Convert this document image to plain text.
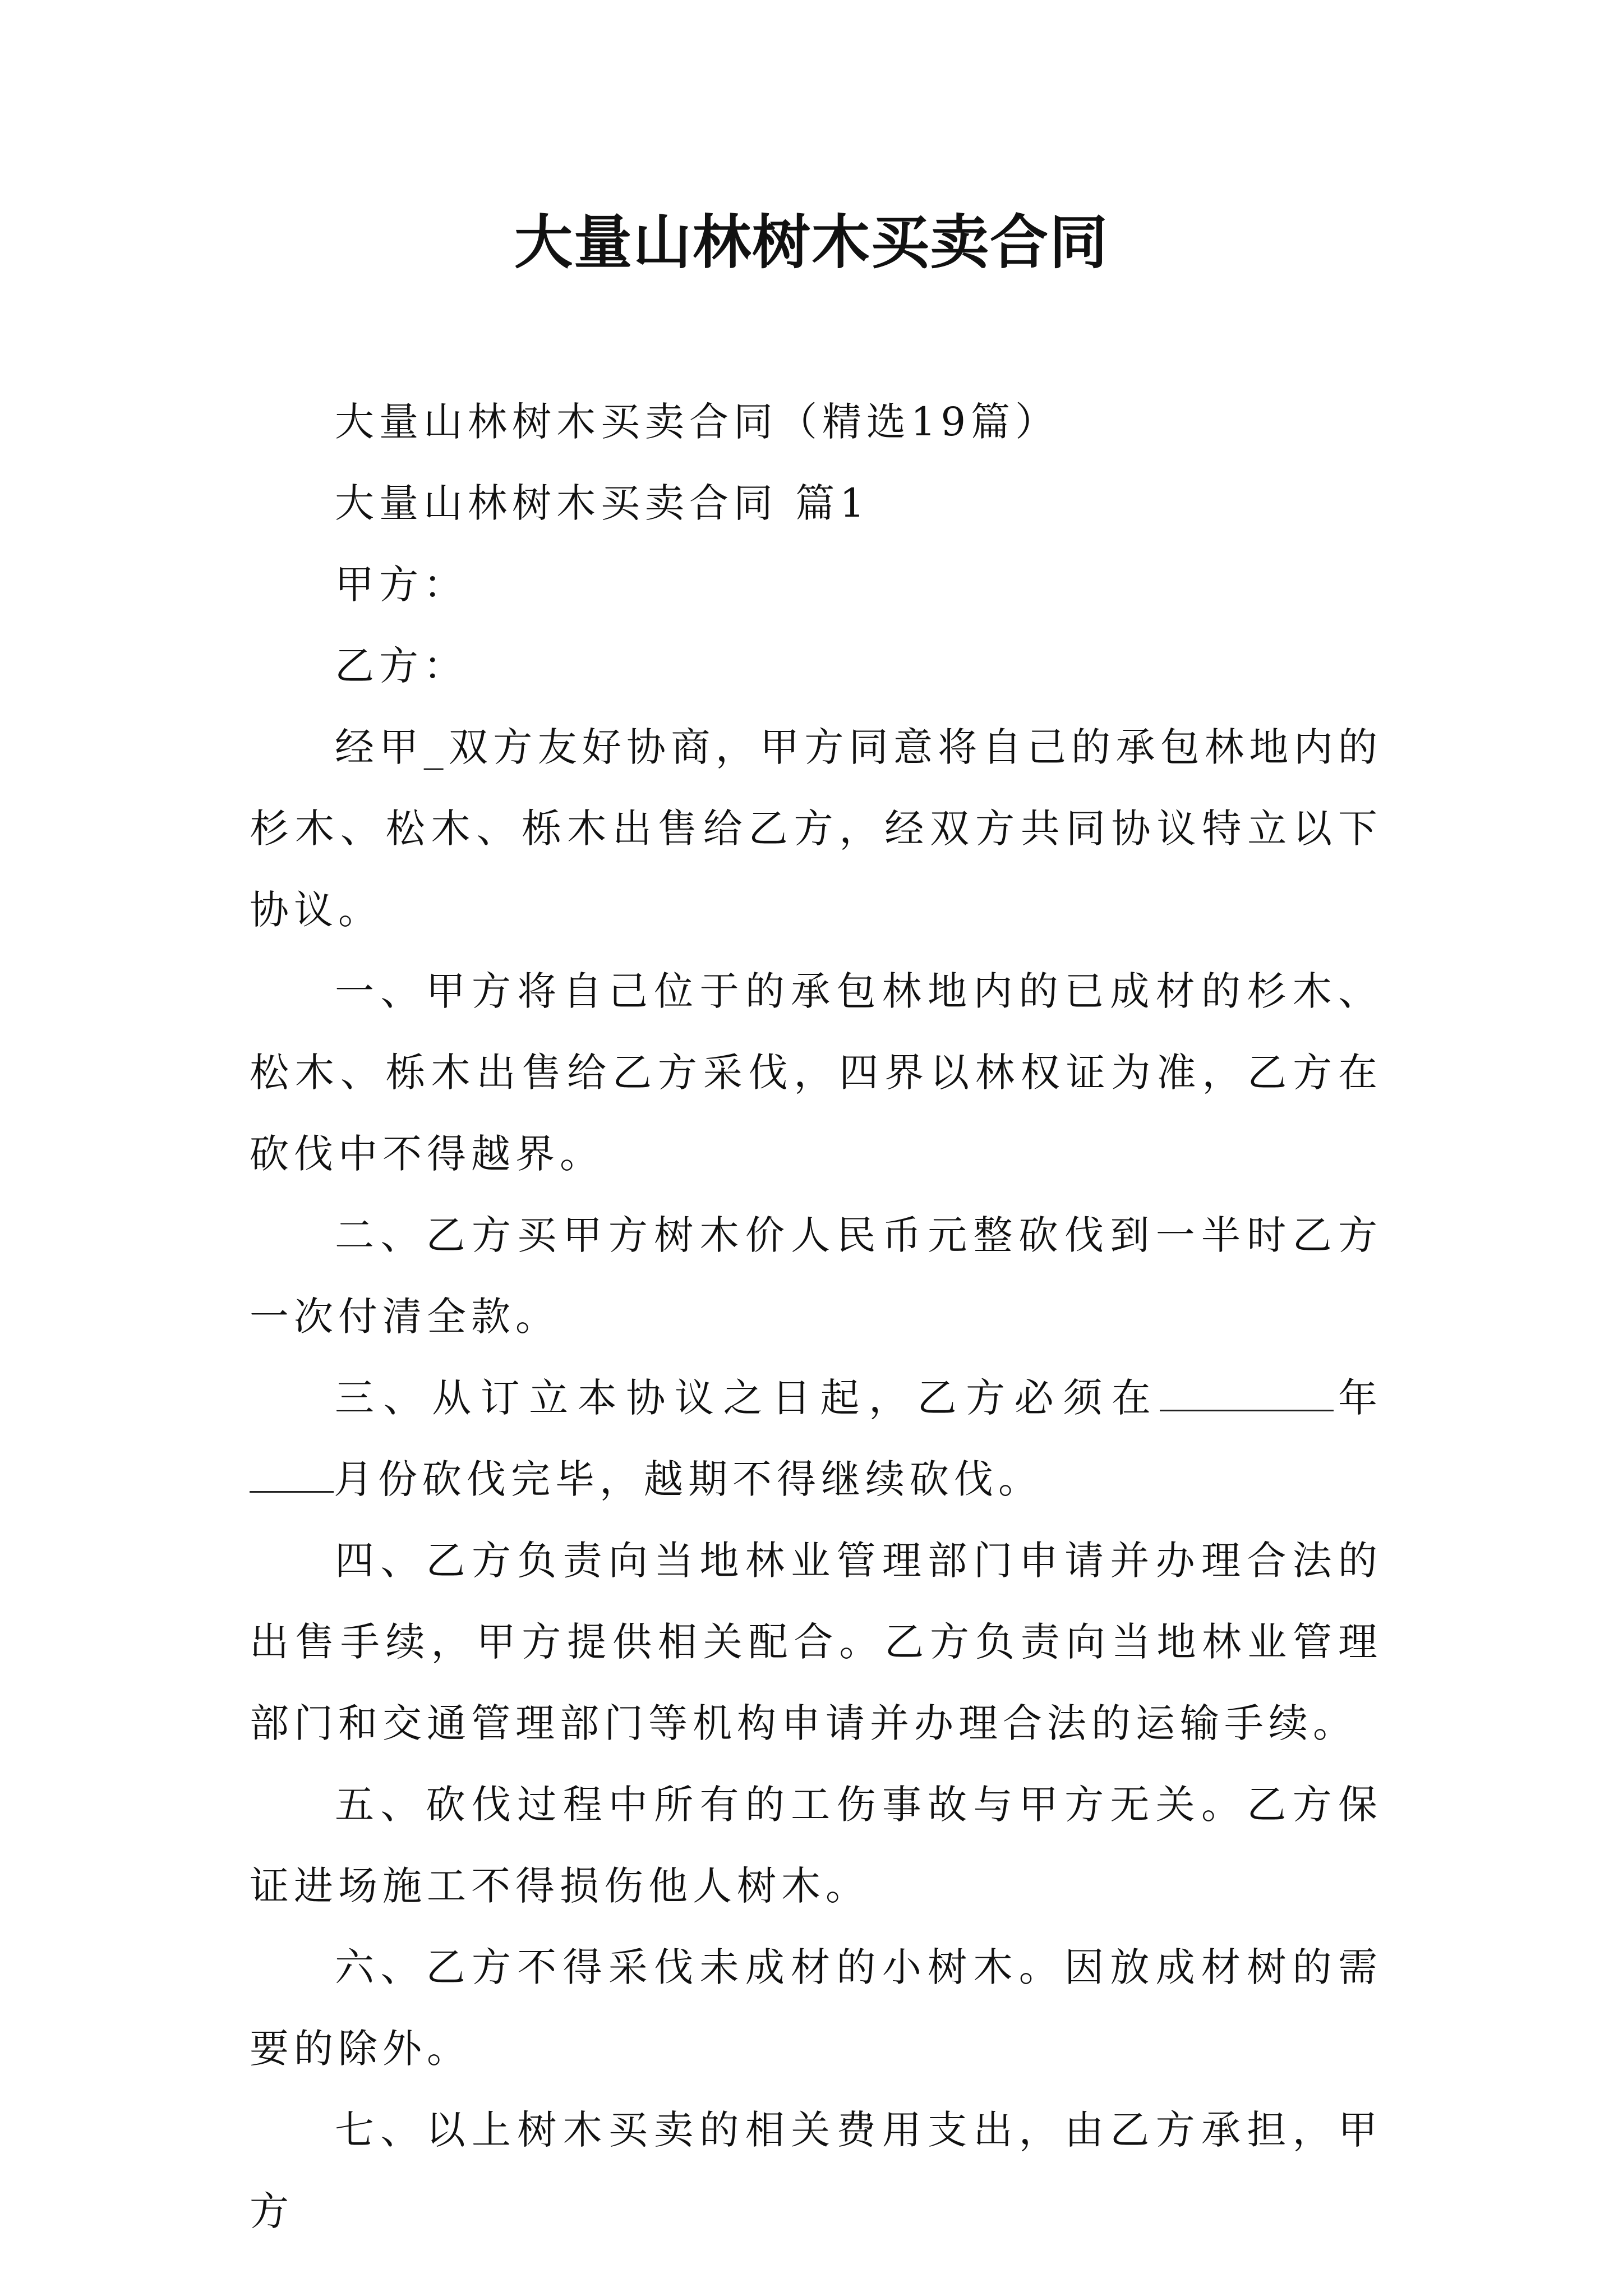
大量山林树木买卖合同

大量山林树木买卖合同（精选19篇）

大量山林树木买卖合同 篇1

甲方：

乙方：

经甲_双方友好协商，甲方同意将自己的承包林地内的杉木、松木、栎木出售给乙方，经双方共同协议特立以下协议。

一、甲方将自己位于的承包林地内的已成材的杉木、松木、栎木出售给乙方采伐，四界以林权证为准，乙方在砍伐中不得越界。

二、乙方买甲方树木价人民币元整砍伐到一半时乙方一次付清全款。

三、从订立本协议之日起，乙方必须在	年月份砍伐完毕，越期不得继续砍伐。

四、乙方负责向当地林业管理部门申请并办理合法的出售手续，甲方提供相关配合。乙方负责向当地林业管理部门和交通管理部门等机构申请并办理合法的运输手续。

五、砍伐过程中所有的工伤事故与甲方无关。乙方保证进场施工不得损伤他人树木。

六、乙方不得采伐未成材的小树木。因放成材树的需要的除外。

七、以上树木买卖的相关费用支出，由乙方承担，甲方
